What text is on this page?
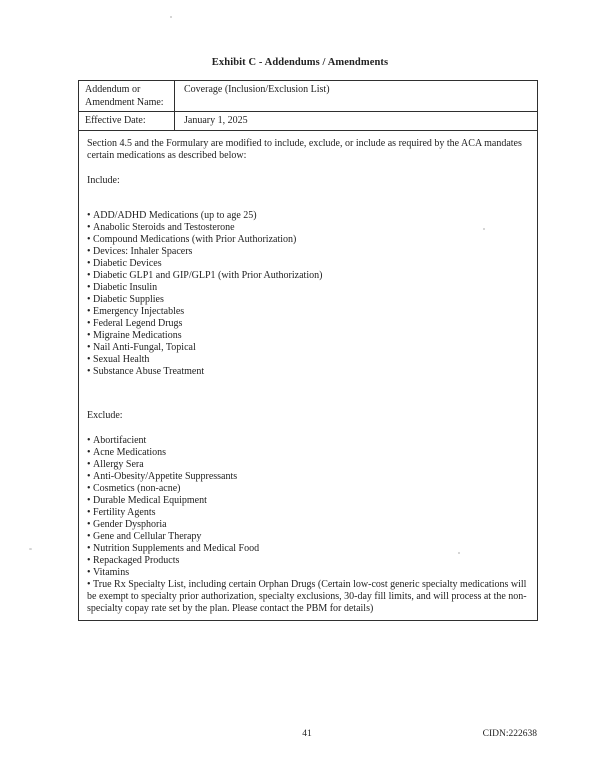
Exhibit C - Addendums / Amendments
Addendum or Amendment Name:
Coverage (Inclusion/Exclusion List)
Effective Date:	January 1, 2025

Section 4.5 and the Formulary are modified to include, exclude, or include as required by the ACA mandates certain medications as described below:

Include:

• ADD/ADHD Medications (up to age 25)
• Anabolic Steroids and Testosterone
• Compound Medications (with Prior Authorization)
• Devices: Inhaler Spacers
• Diabetic Devices
• Diabetic GLP1 and GIP/GLP1 (with Prior Authorization)
• Diabetic Insulin
• Diabetic Supplies
• Emergency Injectables
• Federal Legend Drugs
• Migraine Medications
• Nail Anti-Fungal, Topical
• Sexual Health
• Substance Abuse Treatment

Exclude:

• Abortifacient
• Acne Medications
• Allergy Sera
• Anti-Obesity/Appetite Suppressants
• Cosmetics (non-acne)
• Durable Medical Equipment
• Fertility Agents
• Gender Dysphoria
• Gene and Cellular Therapy
• Nutrition Supplements and Medical Food
• Repackaged Products
• Vitamins
• True Rx Specialty List, including certain Orphan Drugs (Certain low-cost generic specialty medications will be exempt to specialty prior authorization, specialty exclusions, 30-day fill limits, and will process at the non-specialty copay rate set by the plan. Please contact the PBM for details)
41	CIDN:222638
